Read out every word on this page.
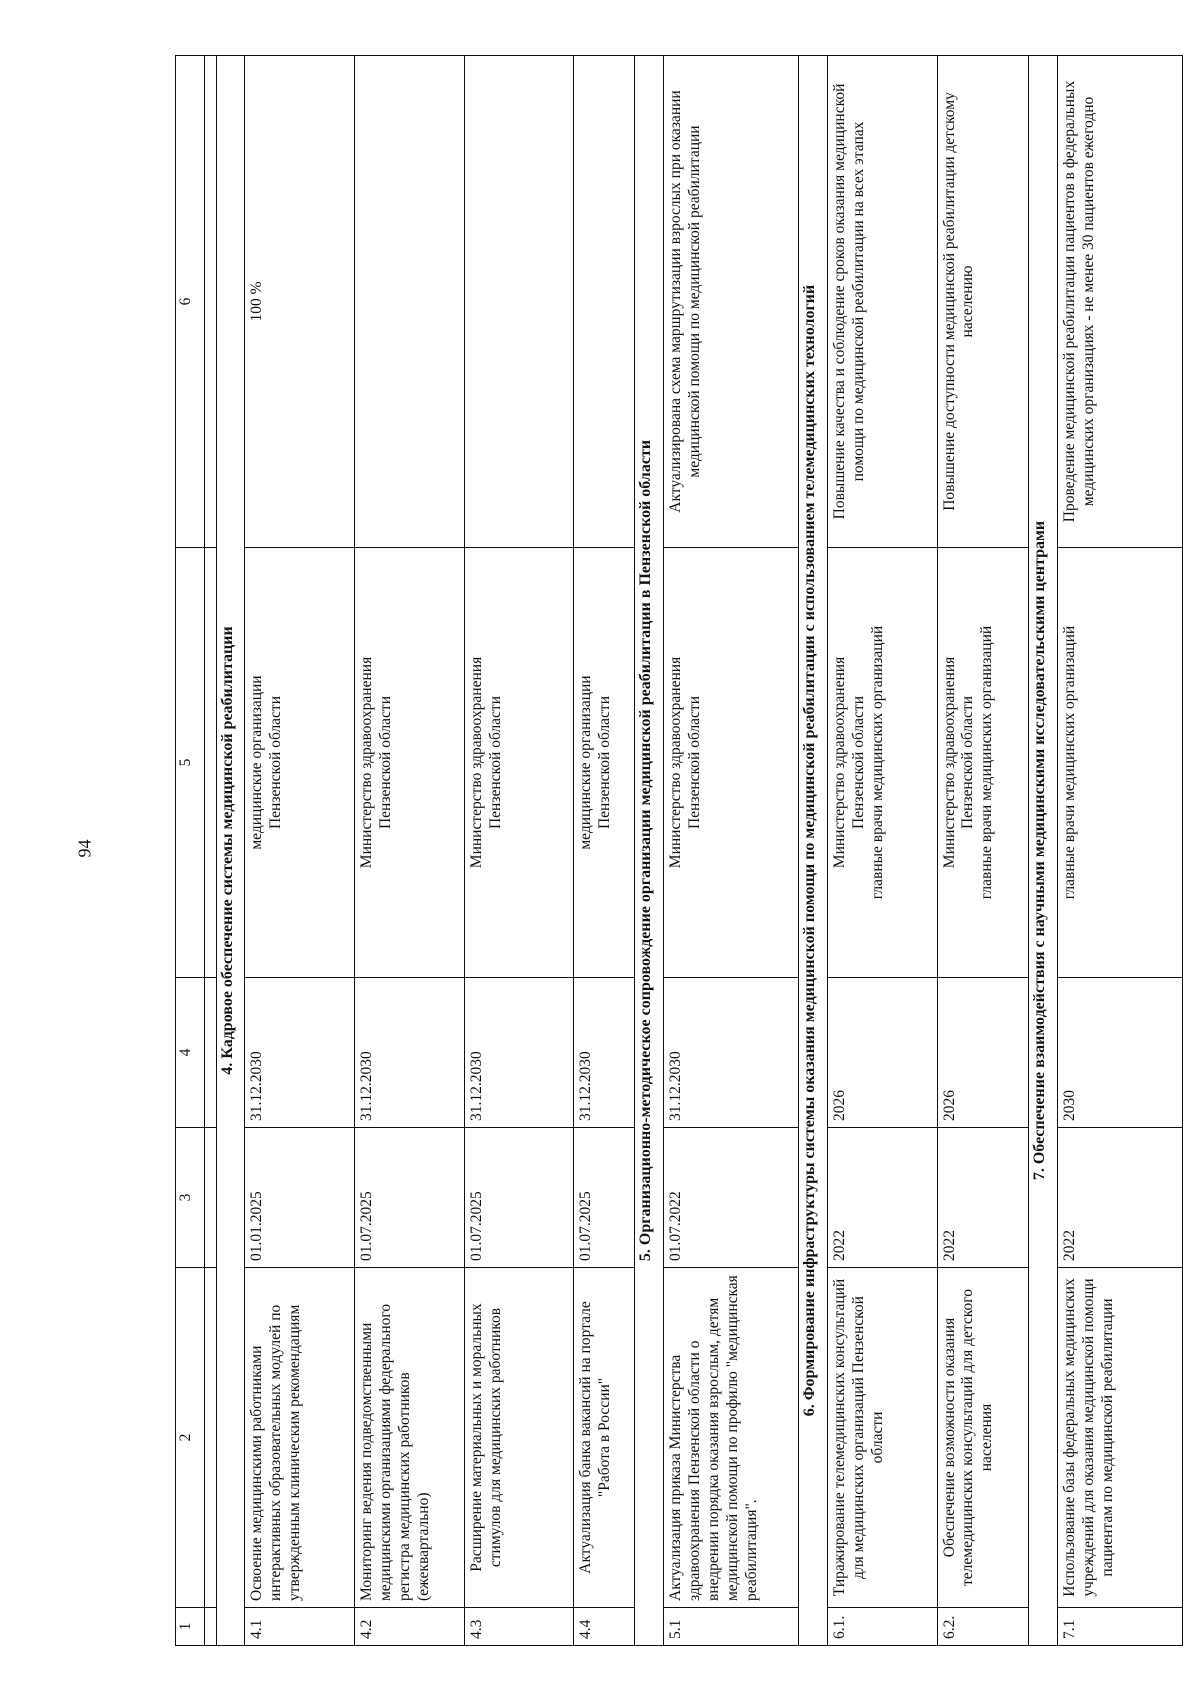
94
1	2	3	4	5	6

4. Кадровое обеспечение системы медицинской реабилитации					
4.1	Освоение медицинскими работниками интерактивных образовательных модулей по утвержденным клиническим рекомендациям	01.01.2025	31.12.2030	медицинские организации Пензенской области	100 %
4.2	Мониторинг ведения подведомственными медицинскими организациями федерального регистра медицинских работников (ежеквартально)	01.07.2025	31.12.2030	Министерство здравоохранения Пензенской области	

4.3	Расширение материальных и моральных стимулов для медицинских работников	01.07.2025	31.12.2030	Министерство здравоохранения Пензенской области	

4.4	Актуализация банка вакансий на портале "Работа в России"	01.07.2025	31.12.2030	медицинские организации Пензенской области	

5. Организационно-методическое сопровождение организации медицинской реабилитации в Пензенской области					
5.1	Актуализация приказа Министерства здравоохранения Пензенской области о внедрении порядка оказания взрослым, детям медицинской помощи по профилю "медицинская реабилитация".	01.07.2022	31.12.2030	Министерство здравоохранения Пензенской области	Актуализирована схема маршрутизации взрослых при оказании медицинской помощи по медицинской реабилитации
6. Формирование инфраструктуры системы оказания медицинской помощи по медицинской реабилитации с использованием телемедицинских технологий					
6.1.	Тиражирование телемедицинских консультаций для медицинских организаций Пензенской области	2022	2026	Министерство здравоохранения Пензенской области главные врачи медицинских организаций	Повышение качества и соблюдение сроков оказания медицинской помощи по медицинской реабилитации на всех этапах
6.2.	Обеспечение возможности оказания телемедицинских консультаций для детского населения	2022	2026	Министерство здравоохранения Пензенской области главные врачи медицинских организаций	Повышение доступности медицинской реабилитации детскому населению
7. Обеспечение взаимодействия с научными медицинскими исследовательскими центрами					
7.1	Использование базы федеральных медицинских учреждений для оказания медицинской помощи пациентам по медицинской реабилитации	2022	2030	главные врачи медицинских организаций	Проведение медицинской реабилитации пациентов в федеральных медицинских организациях - не менее 30 пациентов ежегодно
